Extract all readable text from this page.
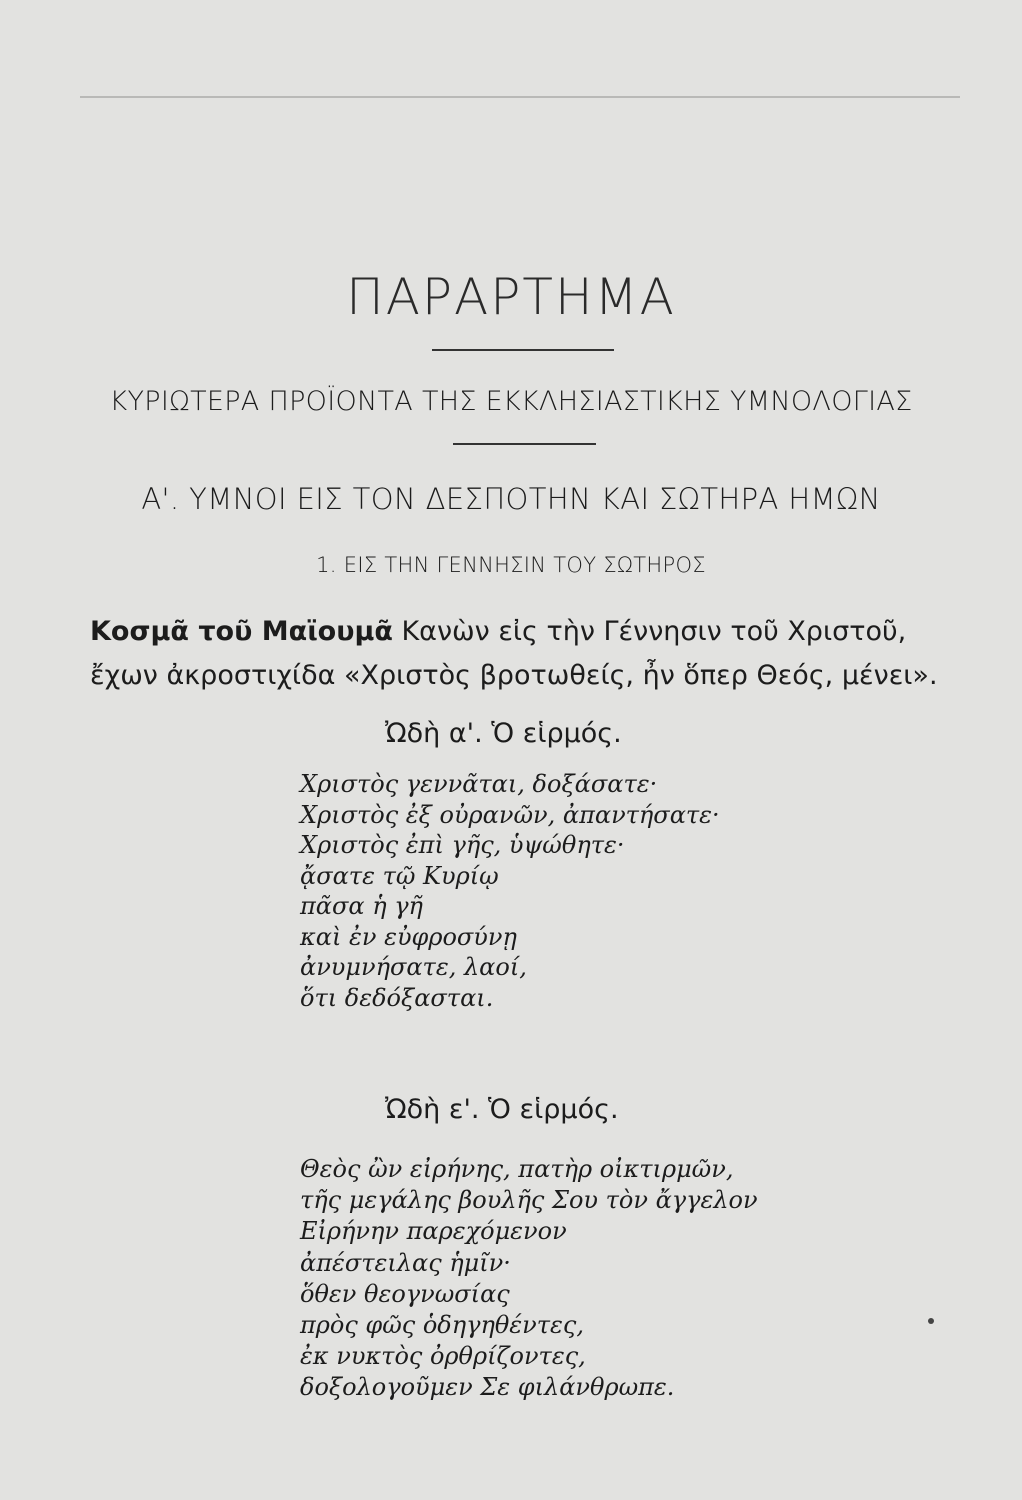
ΠΑΡΑΡΤΗΜΑ
ΚΥΡΙΩΤΕΡΑ ΠΡΟΪΟΝΤΑ ΤΗΣ ΕΚΚΛΗΣΙΑΣΤΙΚΗΣ ΥΜΝΟΛΟΓΙΑΣ
Α'. ΥΜΝΟΙ ΕΙΣ ΤΟΝ ΔΕΣΠΟΤΗΝ ΚΑΙ ΣΩΤΗΡΑ ΗΜΩΝ
1. ΕΙΣ ΤΗΝ ΓΕΝΝΗΣΙΝ ΤΟΥ ΣΩΤΗΡΟΣ
Κοσμᾶ τοῦ Μαϊουμᾶ Κανὼν εἰς τὴν Γέννησιν τοῦ Χριστοῦ,
ἔχων ἀκροστιχίδα «Χριστὸς βροτωθείς, ἦν ὅπερ Θεός, μένει».
Ὠδὴ α'. Ὁ εἱρμός.
Χριστὸς γεννᾶται, δοξάσατε·
Χριστὸς ἐξ οὐρανῶν, ἀπαντήσατε·
Χριστὸς ἐπὶ γῆς, ὑψώθητε·
ᾄσατε τῷ Κυρίῳ
πᾶσα ἡ γῆ
καὶ ἐν εὐφροσύνῃ
ἀνυμνήσατε, λαοί,
ὅτι δεδόξασται.
Ὠδὴ ε'. Ὁ εἱρμός.
Θεὸς ὢν εἰρήνης, πατὴρ οἰκτιρμῶν,
τῆς μεγάλης βουλῆς Σου τὸν ἄγγελον
Εἰρήνην παρεχόμενον
ἀπέστειλας ἡμῖν·
ὅθεν θεογνωσίας
πρὸς φῶς ὁδηγηθέντες,
ἐκ νυκτὸς ὀρθρίζοντες,
δοξολογοῦμεν Σε φιλάνθρωπε.
